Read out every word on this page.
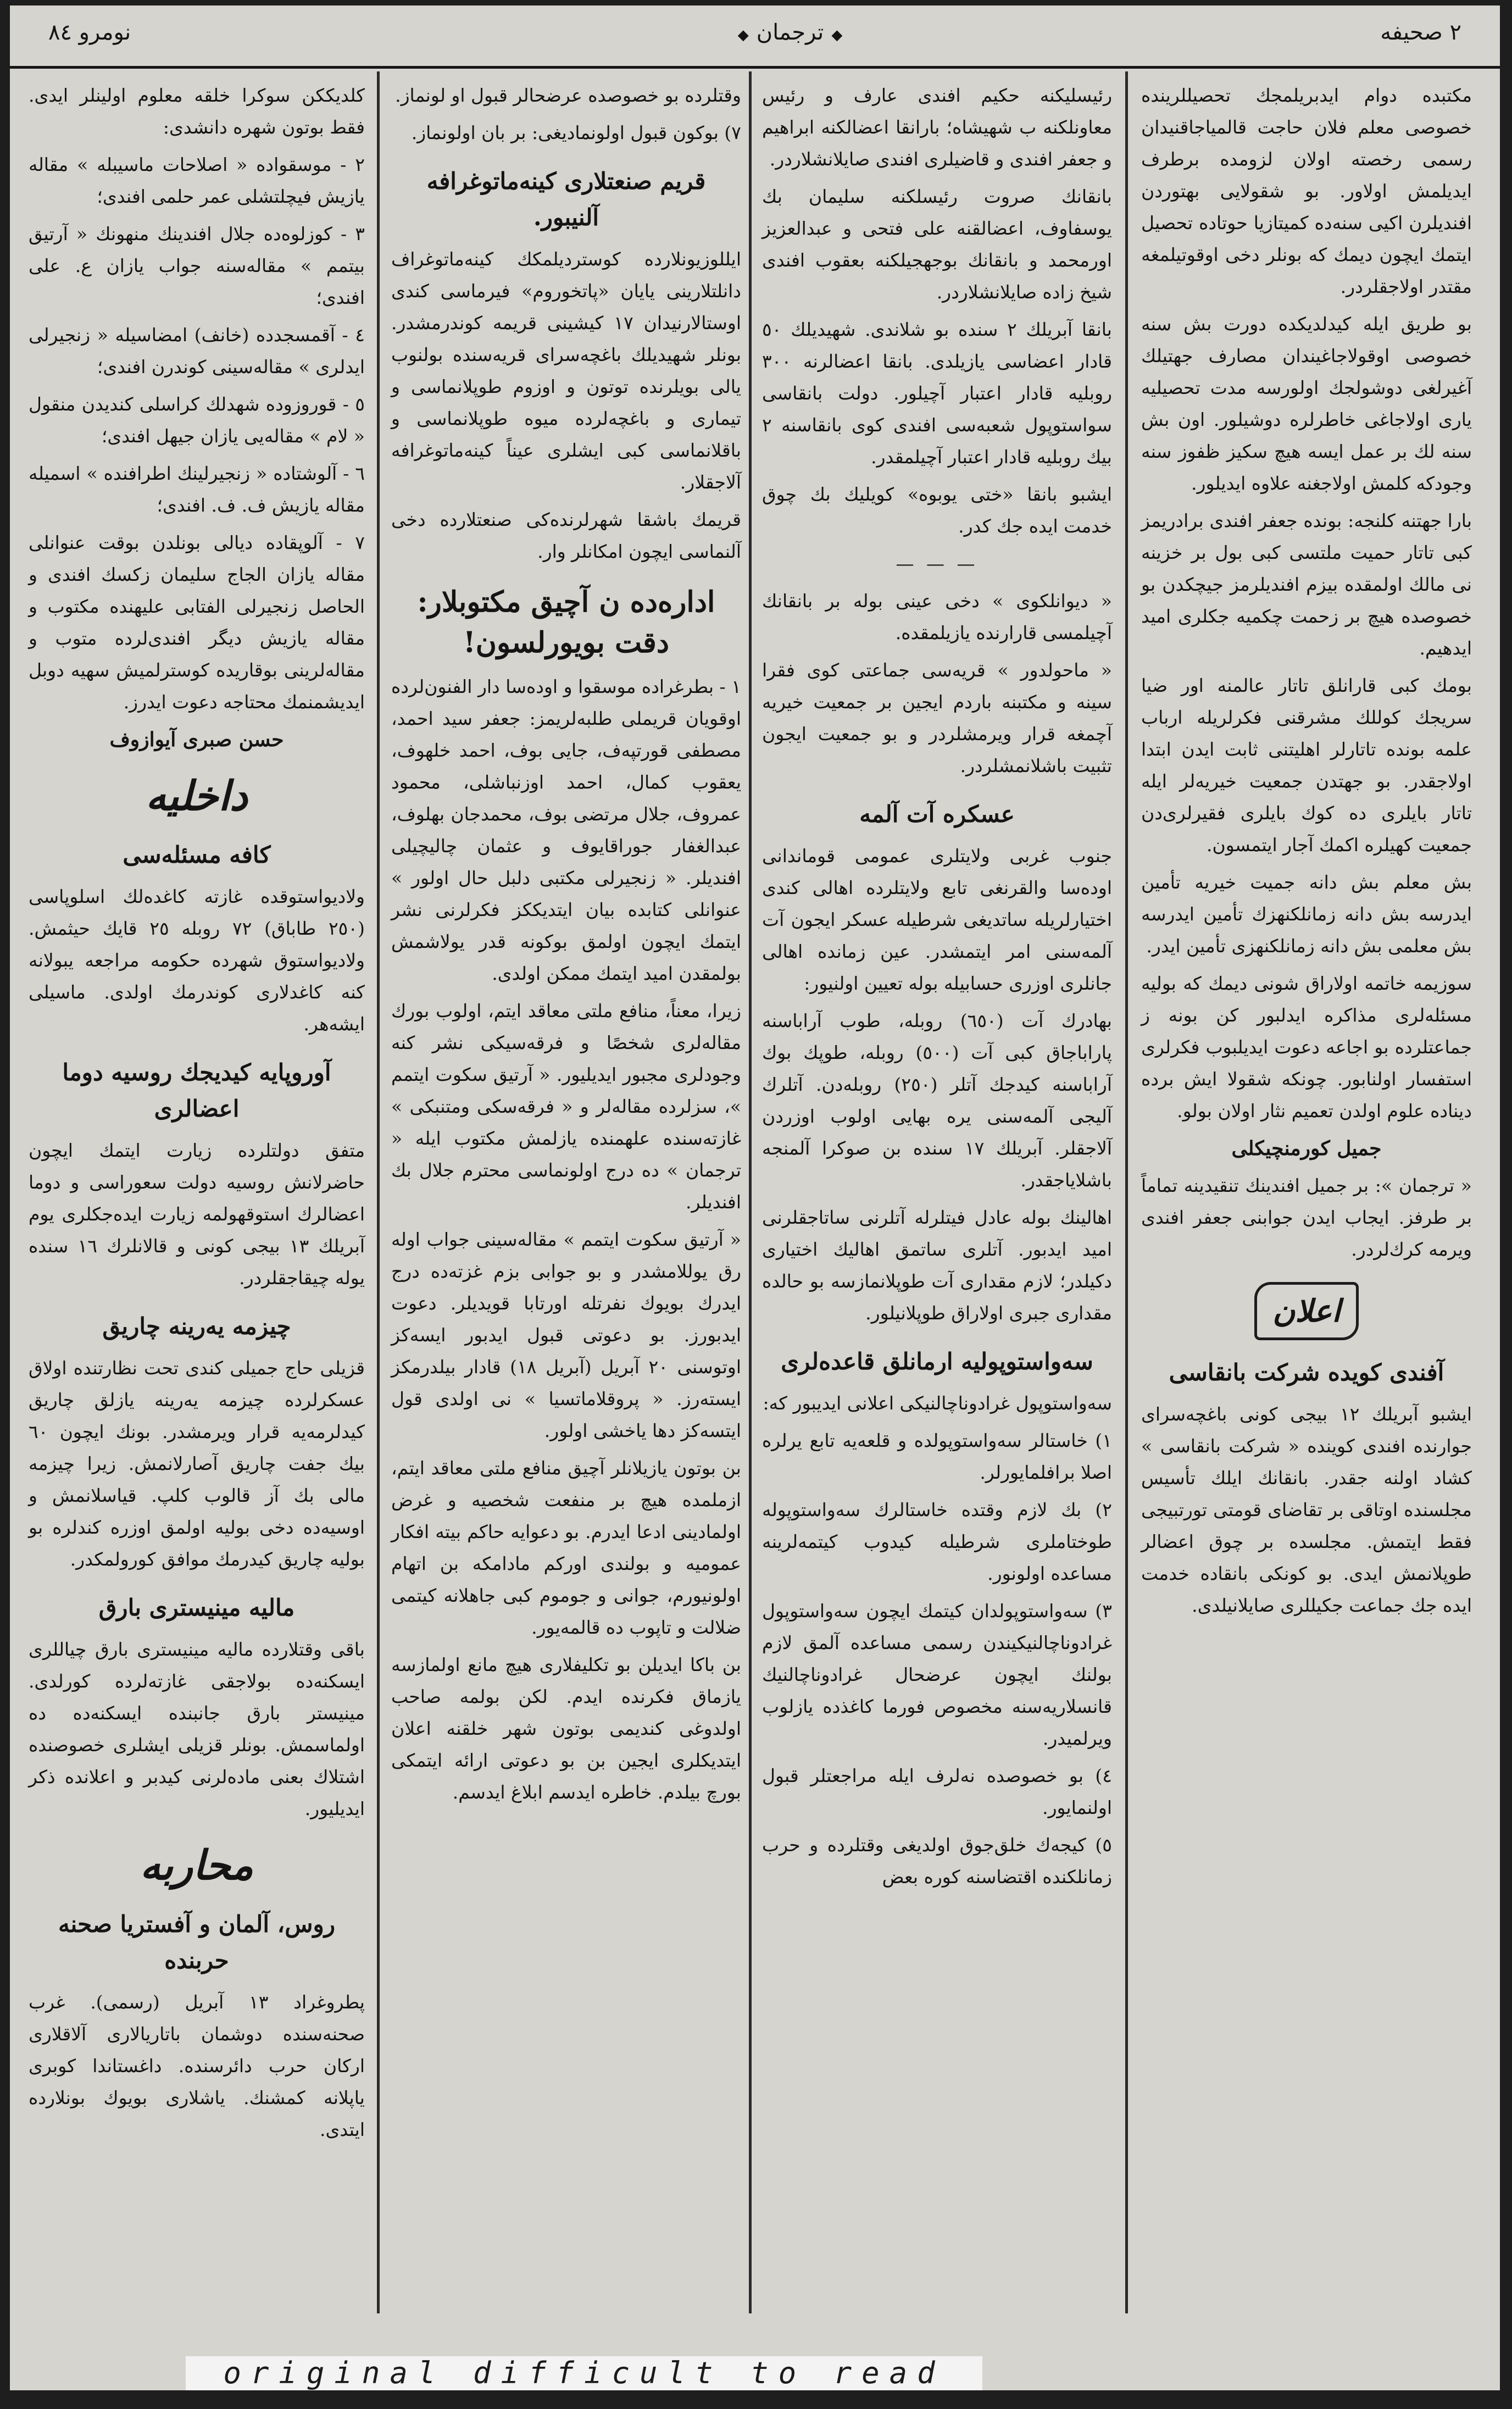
نومرو ٨٤
◆	ترجمان ◆	٢ صحيفه

مكتبده دوام ايدبريلمجك تحصيللرينده خصوصى معلم فلان حاجت قالمياجاقنيدان رسمى رخصته اولان لزومده برطرف ايديلمش اولاور. بو شقولايى بهتوردن افنديلرن اكيى سنه‌ده كميتازيا حوتاده تحصيل ايتمك ايچون ديمك كه بونلر دخى اوقوتيلمغه مقتدر اولاجقلردر.

بو طريق ايله كيدلديكده دورت بش سنه خصوصى اوقولاجاغيندان مصارف جهتيلك آغيرلغى دوشولجك اولورسه مدت تحصيليه يارى اولاجاغى خاطرلره دوشيلور. اون بش سنه لك بر عمل ايسه هيچ سكيز ظفوز سنه وجودكه كلمش اولاجغنه علاوه ايديلور.

بارا جهتنه كلنجه: بونده جعفر افندى برادريمز كبى تاتار حميت ملتسى كبى بول بر خزينه نى مالك اولمقده بيزم افنديلرمز جيچكدن بو خصوصده هيچ بر زحمت چكميه جكلرى اميد ايدهيم.

بومك كبى قارانلق تاتار عالمنه اور ضيا سريجك كوللك مشرقنى فكرلريله ارباب علمه بونده تاتارلر اهليتنى ثابت ايدن ابتدا اولاجقدر. بو جهتدن جمعيت خيريه‌لر ايله تاتار بايلرى ده كوك بايلرى فقيرلرى‌دن جمعيت كهيلره اكمك آجار ايتمسون.

بش معلم بش دانه جميت خيريه تأمين ايدرسه بش دانه زمانلكنهزك تأمين ايدرسه بش معلمى بش دانه زمانلكنهزى تأمين ايدر.

سوزيمه خاتمه اولاراق شونى ديمك كه بوليه مسئله‌لرى مذاكره ايدلبور كن بونه ز جماعتلرده بو اجاعه دعوت ايديلبوب فكرلرى استفسار اولنابور. چونكه شقولا ايش برده ديناده علوم اولدن تعميم نثار اولان بولو.

جميل كورمنچيكلى

« ترجمان »: بر جميل افندينك تنقيدينه تماماً بر طرفز. ايجاب ايدن جوابنى جعفر افندى ويرمه كرك‌لردر.

اعلان
آفندى كويده شركت بانقاسى

ايشبو آبريلك ١٢ بيجى كونى باغچه‌سراى جوارنده افندى كوينده « شركت بانقاسى » كشاد اولنه جقدر. بانقانك ايلك تأسيس مجلسنده اوتاقى بر تقاضاى قومتى تورتبيجى فقط ايتمش. مجلسده بر چوق اعضالر طوپلانمش ايدى. بو كونكى بانقاده خدمت ايده جك جماعت جكيللرى صايلانيلدى.

رئيسليكنه حكيم افندى عارف و رئيس معاونلكنه ب شهيشاه؛ بارانقا اعضالكنه ابراهيم و جعفر افندى و قاضيلرى افندى صايلانشلاردر.

بانقانك صروت رئيسلكنه سليمان بك يوسفاوف، اعضالقنه على فتحى و عبدالعزيز اورمحمد و بانقانك بوجهجيلكنه بعقوب افندى شيخ زاده صايلانشلاردر.

بانقا آبريلك ٢ سنده بو شلاندى. شهيديلك ٥٠ قادار اعضاسى يازيلدى. بانقا اعضالرنه ٣٠٠ روبليه قادار اعتبار آچيلور. دولت بانقاسى سواستوپول شعبه‌سى افندى كوى بانقاسنه ٢ بيك روبليه قادار اعتبار آچيلمقدر.

ايشبو بانقا «ختى يوبوه» كويليك بك چوق خدمت ايده جك كدر.

— — —

« ديوانلكوى » دخى عينى بوله بر بانقانك آچيلمسى قارارنده يازيلمقده.

« ماحولدور » قريه‌سى جماعتى كوى فقرا سينه و مكتبنه باردم ايجين بر جمعيت خيريه آچمغه قرار ويرمشلردر و بو جمعيت ايجون تثبيت باشلانمشلردر.

عسكره آت آلمه

جنوب غربى ولايتلرى عمومى قوماندانى اوده‌سا والقرنغى تابع ولايتلرده اهالى كندى اختيارلريله ساتديغى شرطيله عسكر ايجون آت آلمه‌سنى امر ايتمشدر. عين زمانده اهالى جانلرى اوزرى حسابيله بوله تعيين اولنيور:

بهادرك آت (٦٥٠) روبله، طوب آراباسنه پاراباجاق كبى آت (٥٠٠) روبله، طوپك بوك آراباسنه كيدجك آتلر (٢٥٠) روبله‌دن. آتلرك آليجى آلمه‌سنى يره بهايى اولوب اوزردن آلاجقلر. آبريلك ١٧ سنده بن صوكرا آلمنجه باشلاياجقدر.

اهالينك بوله عادل فيتلرله آتلرنى ساتاجقلرنى اميد ايدبور. آتلرى ساتمق اهاليك اختيارى دكيلدر؛ لازم مقدارى آت طوپلانمازسه بو حالده مقدارى جبرى اولاراق طوپلانيلور.

سه‌واستوپوليه ارمانلق قاعده‌لرى

سه‌واستوپول غرادوناچالنيكى اعلانى ايديبور كه:

١) خاستالر سه‌واستوپولده و قلعه‌يه تابع يرلره اصلا برافلمايورلر.

٢) بك لازم وقتده خاستالرك سه‌واستوپوله طوختاملرى شرطيله كيدوب كيتمه‌لرينه مساعده اولونور.

٣) سه‌واستوپولدان كيتمك ايچون سه‌واستوپول غرادوناچالنيكيندن رسمى مساعده آلمق لازم بولنك ايچون عرضحال غرادوناچالنيك قانسلاريه‌سنه مخصوص فورما كاغذده يازلوب ويرلميدر.

٤) بو خصوصده نه‌لرف ايله مراجعتلر قبول اولنمايور.

٥) كيجه‌ك خلق‌جوق اولديغى وقتلرده و حرب زمانلكنده اقتضاسنه كوره بعض

وقتلرده بو خصوصده عرضحالر قبول او لونماز.

٧) بوكون قبول اولونماديغى: بر بان اولونماز.

قريم صنعتلارى كينه‌ماتوغرافه آلنيبور.

ايللوزيونلارده كوسترديلمكك كينه‌ماتوغراف دانلتلارينى يايان «پاتخوروم» فيرماسى كندى اوستالارنيدان ١٧ كيشينى قريمه كوندرمشدر. بونلر شهيديلك باغچه‌سراى قريه‌سنده بولنوب يالى بويلرنده توتون و اوزوم طوپلانماسى و تيمارى و باغچه‌لرده ميوه طوپلانماسى و باقلانماسى كبى ايشلرى عيناً كينه‌ماتوغرافه آلاجقلار.

قريمك باشقا شهرلرنده‌كى صنعتلارده دخى آلنماسى ايچون امكانلر وار.

اداره‌ده ن آچيق مكتوبلار: دقت بويورلسون!

١ - بطرغراده موسقوا و اوده‌سا دار الفنون‌لرده اوقويان قريملى طلبه‌لريمز: جعفر سيد احمد، مصطفى قورتپه‌ف، جايى بوف، احمد خلهوف، يعقوب كمال، احمد اوزنباشلى، محمود عمروف، جلال مرتضى بوف، محمدجان بهلوف، عبدالغفار جوراقايوف و عثمان چاليچيلى افنديلر. « زنجيرلى مكتبى دلبل حال اولور » عنوانلى كتابده بيان ايتديككز فكرلرنى نشر ايتمك ايچون اولمق بوكونه قدر يولاشمش بولمقدن اميد ايتمك ممكن اولدى.

زيرا، معناً، منافع ملتى معاقد ايتم، اولوب بورك مقاله‌لرى شخصًا و فرقه‌سيكى نشر كنه وجودلرى مجبور ايديليور. « آرتيق سكوت ايتمم »، سزلرده مقاله‌لر و « فرقه‌سكى ومتنبكى » غازته‌سنده علهمنده يازلمش مكتوب ايله « ترجمان » ده درج اولونماسى محترم جلال بك افنديلر.

« آرتيق سكوت ايتمم » مقاله‌سينى جواب اوله رق يوللامشدر و بو جوابى بزم غزته‌ده درج ايدرك بويوك نفرتله اورتابا قويديلر. دعوت ايدبورز. بو دعوتى قبول ايدبور ايسه‌كز اوتوسنى ٢٠ آبريل (آبريل ١٨) قادار بيلدرمكز ايسته‌رز. « پروقلاماتسيا » نى اولدى قول ايتسه‌كز دها ياخشى اولور.

بن بوتون يازيلانلر آچيق منافع ملتى معاقد ايتم، ازملمده هيچ بر منفعت شخصيه و غرض اولمادينى ادعا ايدرم. بو دعوايه حاكم بيته افكار عموميه و بولندى اوركم مادامكه بن اتهام اولونيورم، جوانى و جوموم كبى جاهلانه كيتمى ضلالت و تاپوب ده قالمه‌يور.

بن باكا ايديلن بو تكليفلارى هيچ مانع اولمازسه يازماق فكرنده ايدم. لكن بولمه صاحب اولدوغى كنديمى بوتون شهر خلقنه اعلان ايتديكلرى ايجين بن بو دعوتى ارائه ايتمكى بورچ بيلدم. خاطره ايدسم ابلاغ ايدسم.

كلديككن سوكرا خلقه معلوم اولينلر ايدى. فقط بوتون شهره دانشدى:

٢ - موسقواده « اصلاحات ماسيبله » مقاله يازيش فيچلتشلى عمر حلمى افندى؛

٣ - كوزلوه‌ده جلال افندينك منهونك « آرتيق بيتمم » مقاله‌سنه جواب يازان ع. على افندى؛

٤ - آقمسجدده (خانف) امضاسيله « زنجيرلى ايدلرى » مقاله‌سينى كوندرن افندى؛

٥ - قوروزوده شهدلك كراسلى كنديدن منقول « لام » مقاله‌يى يازان جيهل افندى؛

٦ - آلوشتاده « زنجيرلينك اطرافنده » اسميله مقاله يازيش ف. ف. افندى؛

٧ - آلوپقاده ديالى بونلدن بوقت عنوانلى مقاله يازان الجاج سليمان زكسك افندى و الحاصل زنجيرلى الفتابى عليهنده مكتوب و مقاله يازيش ديگر افندى‌لرده متوب و مقاله‌لرينى بوقاريده كوسترلميش سهيه دوبل ايديشمنمك محتاجه دعوت ايدرز.

حسن صبرى آيوازوف
داخليه
كافه مسئله‌سى

ولاديواستوقده غازته كاغده‌لك اسلوپاسى (٢٥٠ طاباق) ٧٢ روبله ٢٥ قايك حيثمش. ولاديواستوق شهرده حكومه مراجعه يبولانه كنه كاغدلارى كوندرمك اولدى. ماسيلى ايشه‌هر.

آوروپايه كيديجك روسيه دوما اعضالرى

متفق دولتلرده زيارت ايتمك ايچون حاضرلانش روسيه دولت سعوراسى و دوما اعضالرك استوقهولمه زيارت ايده‌جكلرى يوم آبريلك ١٣ بيجى كونى و قالانلرك ١٦ سنده يوله چيقاجقلردر.

چيزمه يه‌رينه چاريق

قزيلى حاج جميلى كندى تحت نظارتنده اولاق عسكرلرده چيزمه يه‌رينه يازلق چاريق كيدلرمه‌يه قرار ويرمشدر. بونك ايچون ٦٠ بيك جفت چاريق آصارلانمش. زيرا چيزمه مالى بك آز قالوب كلپ. قياسلانمش و اوسيه‌ده دخى بوليه اولمق اوزره كندلره بو بوليه چاريق كيدرمك موافق كورولمكدر.

ماليه مينيسترى بارق

باقى وقتلارده ماليه مينيسترى بارق چياللرى ايسكنه‌ده‌ بولاجقى غازته‌لرده كورلدى. مينيستر بارق جانبنده ايسكنه‌ده ده اولماسمش. بونلر قزيلى ايشلرى خصوصنده اشتلاك بعنى ماده‌لرنى كيدبر و اعلانده ذكر ايديليور.

محاربه
روس، آلمان و آفستريا صحنه حربنده

پطروغراد ١٣ آبريل (رسمى). غرب صحنه‌سنده دوشمان باتاريالارى آلاقلارى اركان حرب دائرسنده. داغستاندا كوبرى ياپلانه كمشنك. ياشلارى بويوك بونلارده ايتدى.

original difficult to read
